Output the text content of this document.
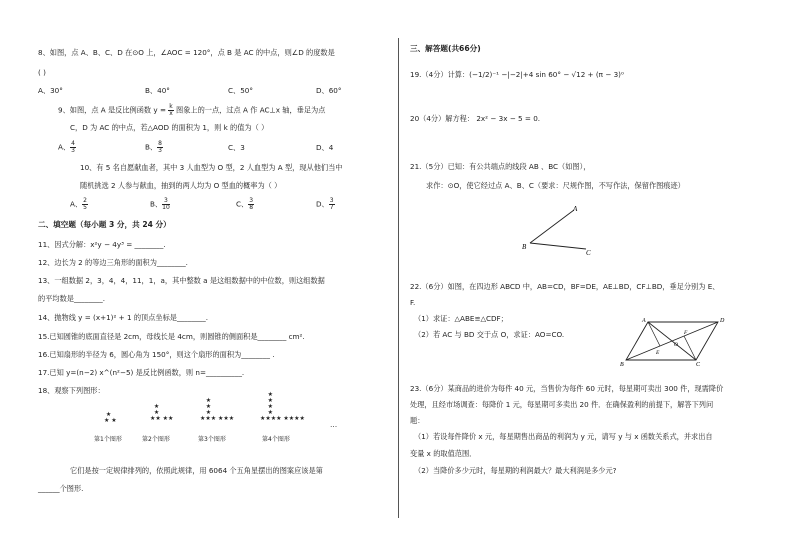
8、如图，点 A、B、C、D 在⊙O 上，∠AOC = 120°，点 B 是 AC 的中点，则∠D 的度数是
( )
A、30°	B、40°	C、50°	D、60°
9、如图，点 A 是反比例函数 $y = \frac{k}{x}$ 图象上的一点，过点 A 作 AC⊥x 轴，垂足为点
C，D 为 AC 的中点，若△AOD 的面积为 1，则 k 的值为（ ）
A、 $\frac{4}{3}$	B、 $\frac{8}{3}$	C、3	D、4
10、有 5 名自愿献血者，其中 3 人血型为 O 型，2 人血型为 A 型，现从他们当中
随机挑选 2 人参与献血，抽到的两人均为 O 型血的概率为（ ）
A、 $\frac{2}{5}$	B、 $\frac{3}{10}$	C、 $\frac{3}{8}$	D、 $\frac{3}{7}$
二、填空题（每小题 3 分，共 24 分）
11、因式分解：x²y − 4y³ = ________.
12、边长为 2 的等边三角形的面积为________.
13、一组数据 2，3，4，4，11，1，a，其中整数 a 是这组数据中的中位数，则这组数据
的平均数是________.
14、抛物线 y = (x+1)² + 1 的顶点坐标是________.
15.已知圆锥的底面直径是 2cm，母线长是 4cm，则圆锥的侧面积是________ cm².
16.已知扇形的半径为 6，圆心角为 150°，则这个扇形的面积为________ .
17.已知 y=(n−2) x^(n²−5) 是反比例函数，则 n=__________.
18、观察下列图形：
★
★ ★
★
★
★★ ★★
★
★
★
★★★ ★★★
★
★
★
★
★★★★ ★★★★
…
第1个图形	第2个图形	第3个图形	第4个图形
它们是按一定规律排列的，依照此规律，用 6064 个五角星摆出的图案应该是第
______个图形.
三、解答题(共66分)
19.（4分）计算：(−1/2)⁻¹ −|−2|+4 sin 60° − √12 + (π − 3)⁰
20（4分）解方程： 2x² − 3x − 5 = 0.
21.（5分）已知：有公共端点的线段 AB 、BC（如图），
求作：⊙O，使它经过点 A、B、C（要求：尺规作图，不写作法，保留作图痕迹）
A
B
C
22.（6分）如图，在四边形 ABCD 中，AB=CD，BF=DE，AE⊥BD，CF⊥BD，垂足分别为 E、
F.
（1）求证：△ABE≌△CDF；
（2）若 AC 与 BD 交于点 O，求证：AO=CO.
A	D
B	C
E
F
O
23.（6分）某商品的进价为每件 40 元，当售价为每件 60 元时，每星期可卖出 300 件，现需降价
处理，且经市场调查：每降价 1 元，每星期可多卖出 20 件．在确保盈利的前提下，解答下列问
题：
（1）若设每件降价 x 元，每星期售出商品的利润为 y 元，请写 y 与 x 函数关系式，并求出自
变量 x 的取值范围．
（2）当降价多少元时，每星期的利润最大？最大利润是多少元?
